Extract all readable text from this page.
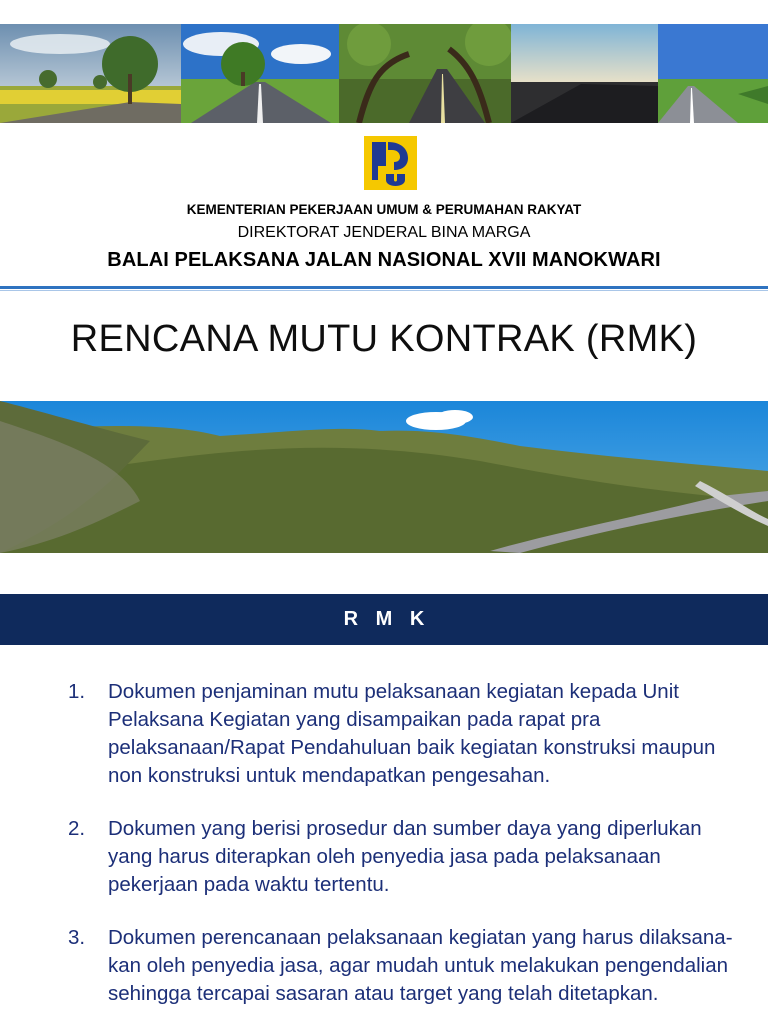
KEMENTERIAN PEKERJAAN UMUM & PERUMAHAN RAKYAT
DIREKTORAT JENDERAL BINA MARGA
BALAI PELAKSANA JALAN NASIONAL XVII MANOKWARI
RENCANA MUTU KONTRAK (RMK)
R M K
1. Dokumen penjaminan mutu pelaksanaan kegiatan kepada Unit Pelaksana Kegiatan yang disampaikan pada rapat pra pelaksanaan/Rapat Pendahuluan baik kegiatan konstruksi maupun non konstruksi untuk mendapatkan pengesahan.
2. Dokumen yang berisi prosedur dan sumber daya yang diperlukan yang harus diterapkan oleh penyedia jasa pada pelaksanaan pekerjaan pada waktu tertentu.
3. Dokumen perencanaan pelaksanaan kegiatan yang harus dilaksana-kan oleh penyedia jasa, agar mudah untuk melakukan pengendalian sehingga tercapai sasaran atau target yang telah ditetapkan.
